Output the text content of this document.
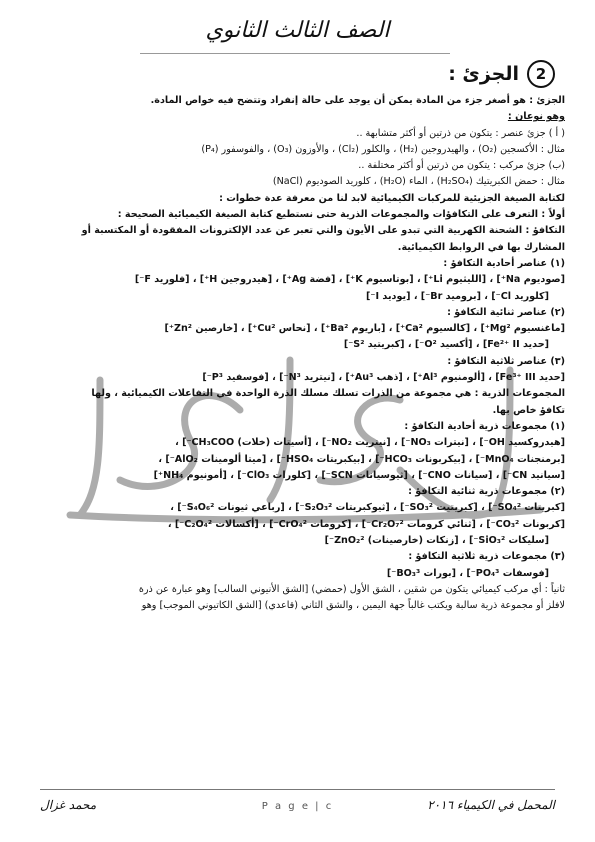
الصف الثالث الثانوي
2
الجزئ :

الجزئ : هو أصغر جزء من المادة يمكن أن يوجد على حالة إنفراد وتتضح فيه خواص المادة.

وهو نوعان :

( أ ) جزئ عنصر : يتكون من ذرتين أو أكثر متشابهة ..

مثال : الأكسجين (O₂) ، والهيدروجين (H₂) ، والكلور (Cl₂) ، والأوزون (O₃) ، والفوسفور (P₄)

(ب) جزئ مركب : يتكون من ذرتين أو أكثر مختلفة ..

مثال : حمض الكبريتيك (H₂SO₄) ، الماء (H₂O) ، كلوريد الصوديوم (NaCl)

لكتابة الصيغة الجزيئية للمركبات الكيميائية لابد لنا من معرفة عدة خطوات :

أولاً : التعرف على التكافؤات والمجموعات الذرية حتى نستطيع كتابة الصيغة الكيميائية الصحيحة :

التكافؤ : الشحنة الكهربية التي تبدو على الأيون والتي تعبر عن عدد الإلكترونات المفقودة أو المكتسبة أو

المشارك بها في الروابط الكيميائية.

(١) عناصر أحادية التكافؤ :

[صوديوم Na⁺] ، [الليثيوم Li⁺] ، [بوتاسيوم K⁺] ، [فضة Ag⁺] ، [هيدروجين H⁺] ، [فلوريد F⁻]

[كلوريد Cl⁻] ، [بروميد Br⁻] ، [يوديد I⁻]

(٢) عناصر ثنائية التكافؤ :

[ماغنسيوم Mg²⁺] ، [كالسيوم Ca²⁺] ، [باريوم Ba²⁺] ، [نحاس Cu²⁺] ، [خارصين Zn²⁺]

[حديد Fe²⁺ II] ، [أكسيد O²⁻] ، [كبريتيد S²⁻]

(٣) عناصر ثلاثية التكافؤ :

[حديد Fe³⁺ III] ، [ألومنيوم Al³⁺] ، [ذهب Au³⁺] ، [نيتريد N³⁻] ، [فوسفيد P³⁻]

المجموعات الذرية : هي مجموعة من الذرات تسلك مسلك الذرة الواحدة في التفاعلات الكيميائية ، ولها

تكافؤ خاص بها.

(١) مجموعات ذرية أحادية التكافؤ :

[هيدروكسيد OH⁻] ، [نيترات NO₃⁻] ، [نيتريت NO₂⁻] ، [أسيتات (خلات) CH₃COO⁻] ،

[برمنجنات MnO₄⁻] ، [بيكربونات HCO₃⁻] ، [بيكبريتات HSO₄⁻] ، [ميتا ألومينات AlO₂⁻] ،

[سيانيد CN⁻] ، [سيانات CNO⁻] ، [ثيوسيانات SCN⁻] ، [كلورات ClO₃⁻] ، [أمونيوم NH₄⁺]

(٢) مجموعات ذرية ثنائية التكافؤ :

[كبريتات SO₄²⁻] ، [كبريتيت SO₃²⁻] ، [ثيوكبريتات S₂O₃²⁻] ، [رباعي ثيونات S₄O₆²⁻] ،

[كربونات CO₃²⁻] ، [ثنائي كرومات Cr₂O₇²⁻] ، [كرومات CrO₄²⁻] ، [أكسالات C₂O₄²⁻] ،

[سليكات SiO₃²⁻] ، [زنكات (خارصينات) ZnO₂²⁻]

(٣) مجموعات ذرية ثلاثية التكافؤ :

[فوسفات PO₄³⁻] ، [بورات BO₃³⁻]

ثانياً : أي مركب كيميائي يتكون من شقين ، الشق الأول (حمضي) [الشق الأنيوني السالب] وهو عبارة عن ذرة

لافلز أو مجموعة ذرية سالبة ويكتب غالباً جهة اليمين ، والشق الثاني (قاعدي) [الشق الكاتيوني الموجب] وهو

محمد غزال	P a g e | c	المحمل في الكيمياء ٢٠١٦
